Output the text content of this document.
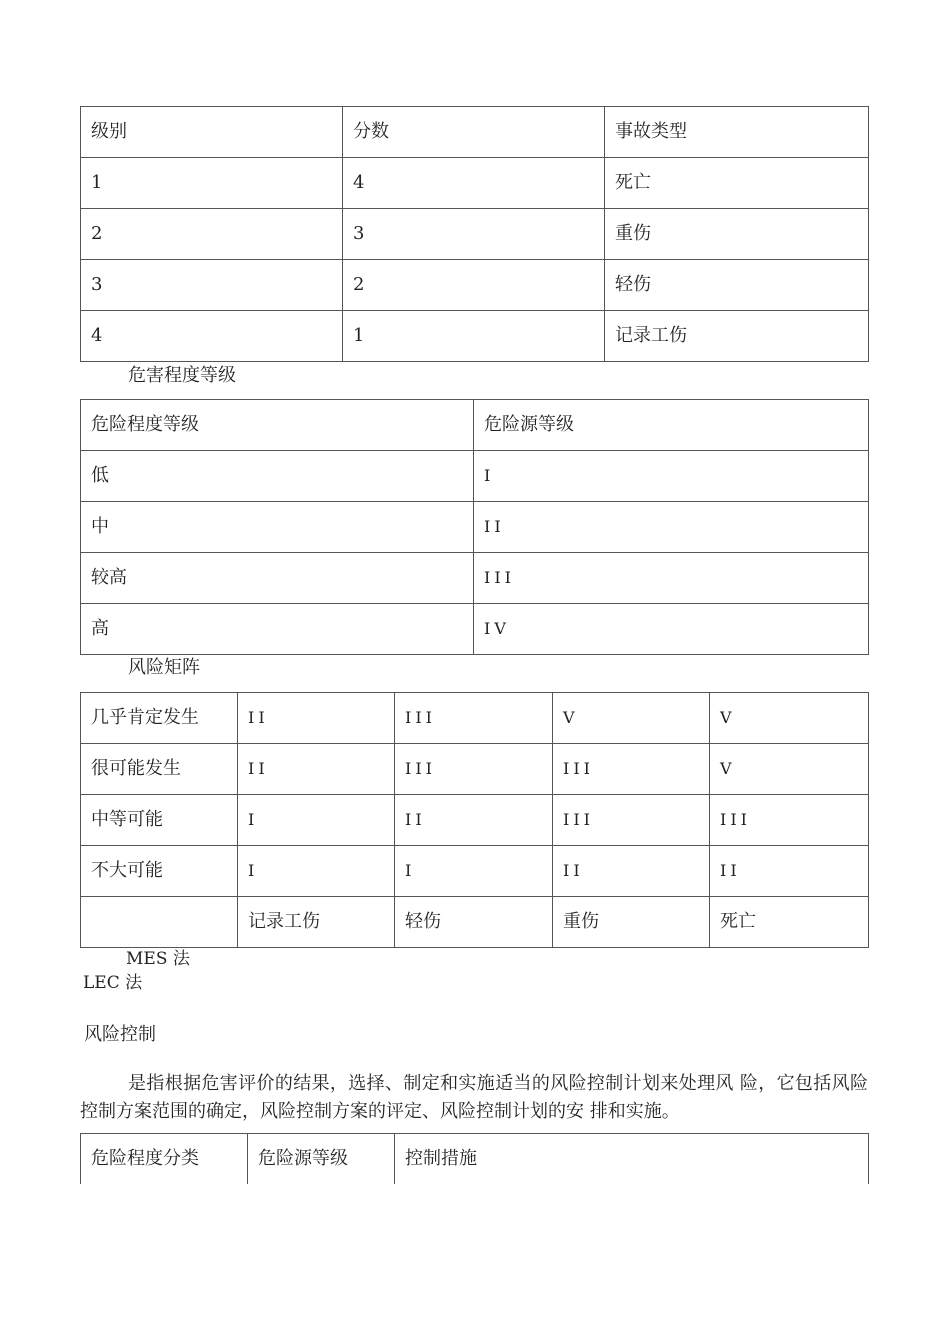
级别	分数	事故类型
1	4	死亡
2	3	重伤
3	2	轻伤
4	1	记录工伤
危害程度等级
危险程度等级	危险源等级
低	I
中	II
较高	III
高	IV
风险矩阵
几乎肯定发生	II	III	V	V
很可能发生	II	III	III	V
中等可能	I	II	III	III
不大可能	I	I	II	II
	记录工伤	轻伤	重伤	死亡
MES 法
LEC 法
风险控制

是指根据危害评价的结果，选择、制定和实施适当的风险控制计划来处理风 险，它包括风险控制方案范围的确定，风险控制方案的评定、风险控制计划的安 排和实施。

危险程度分类	危险源等级	控制措施
